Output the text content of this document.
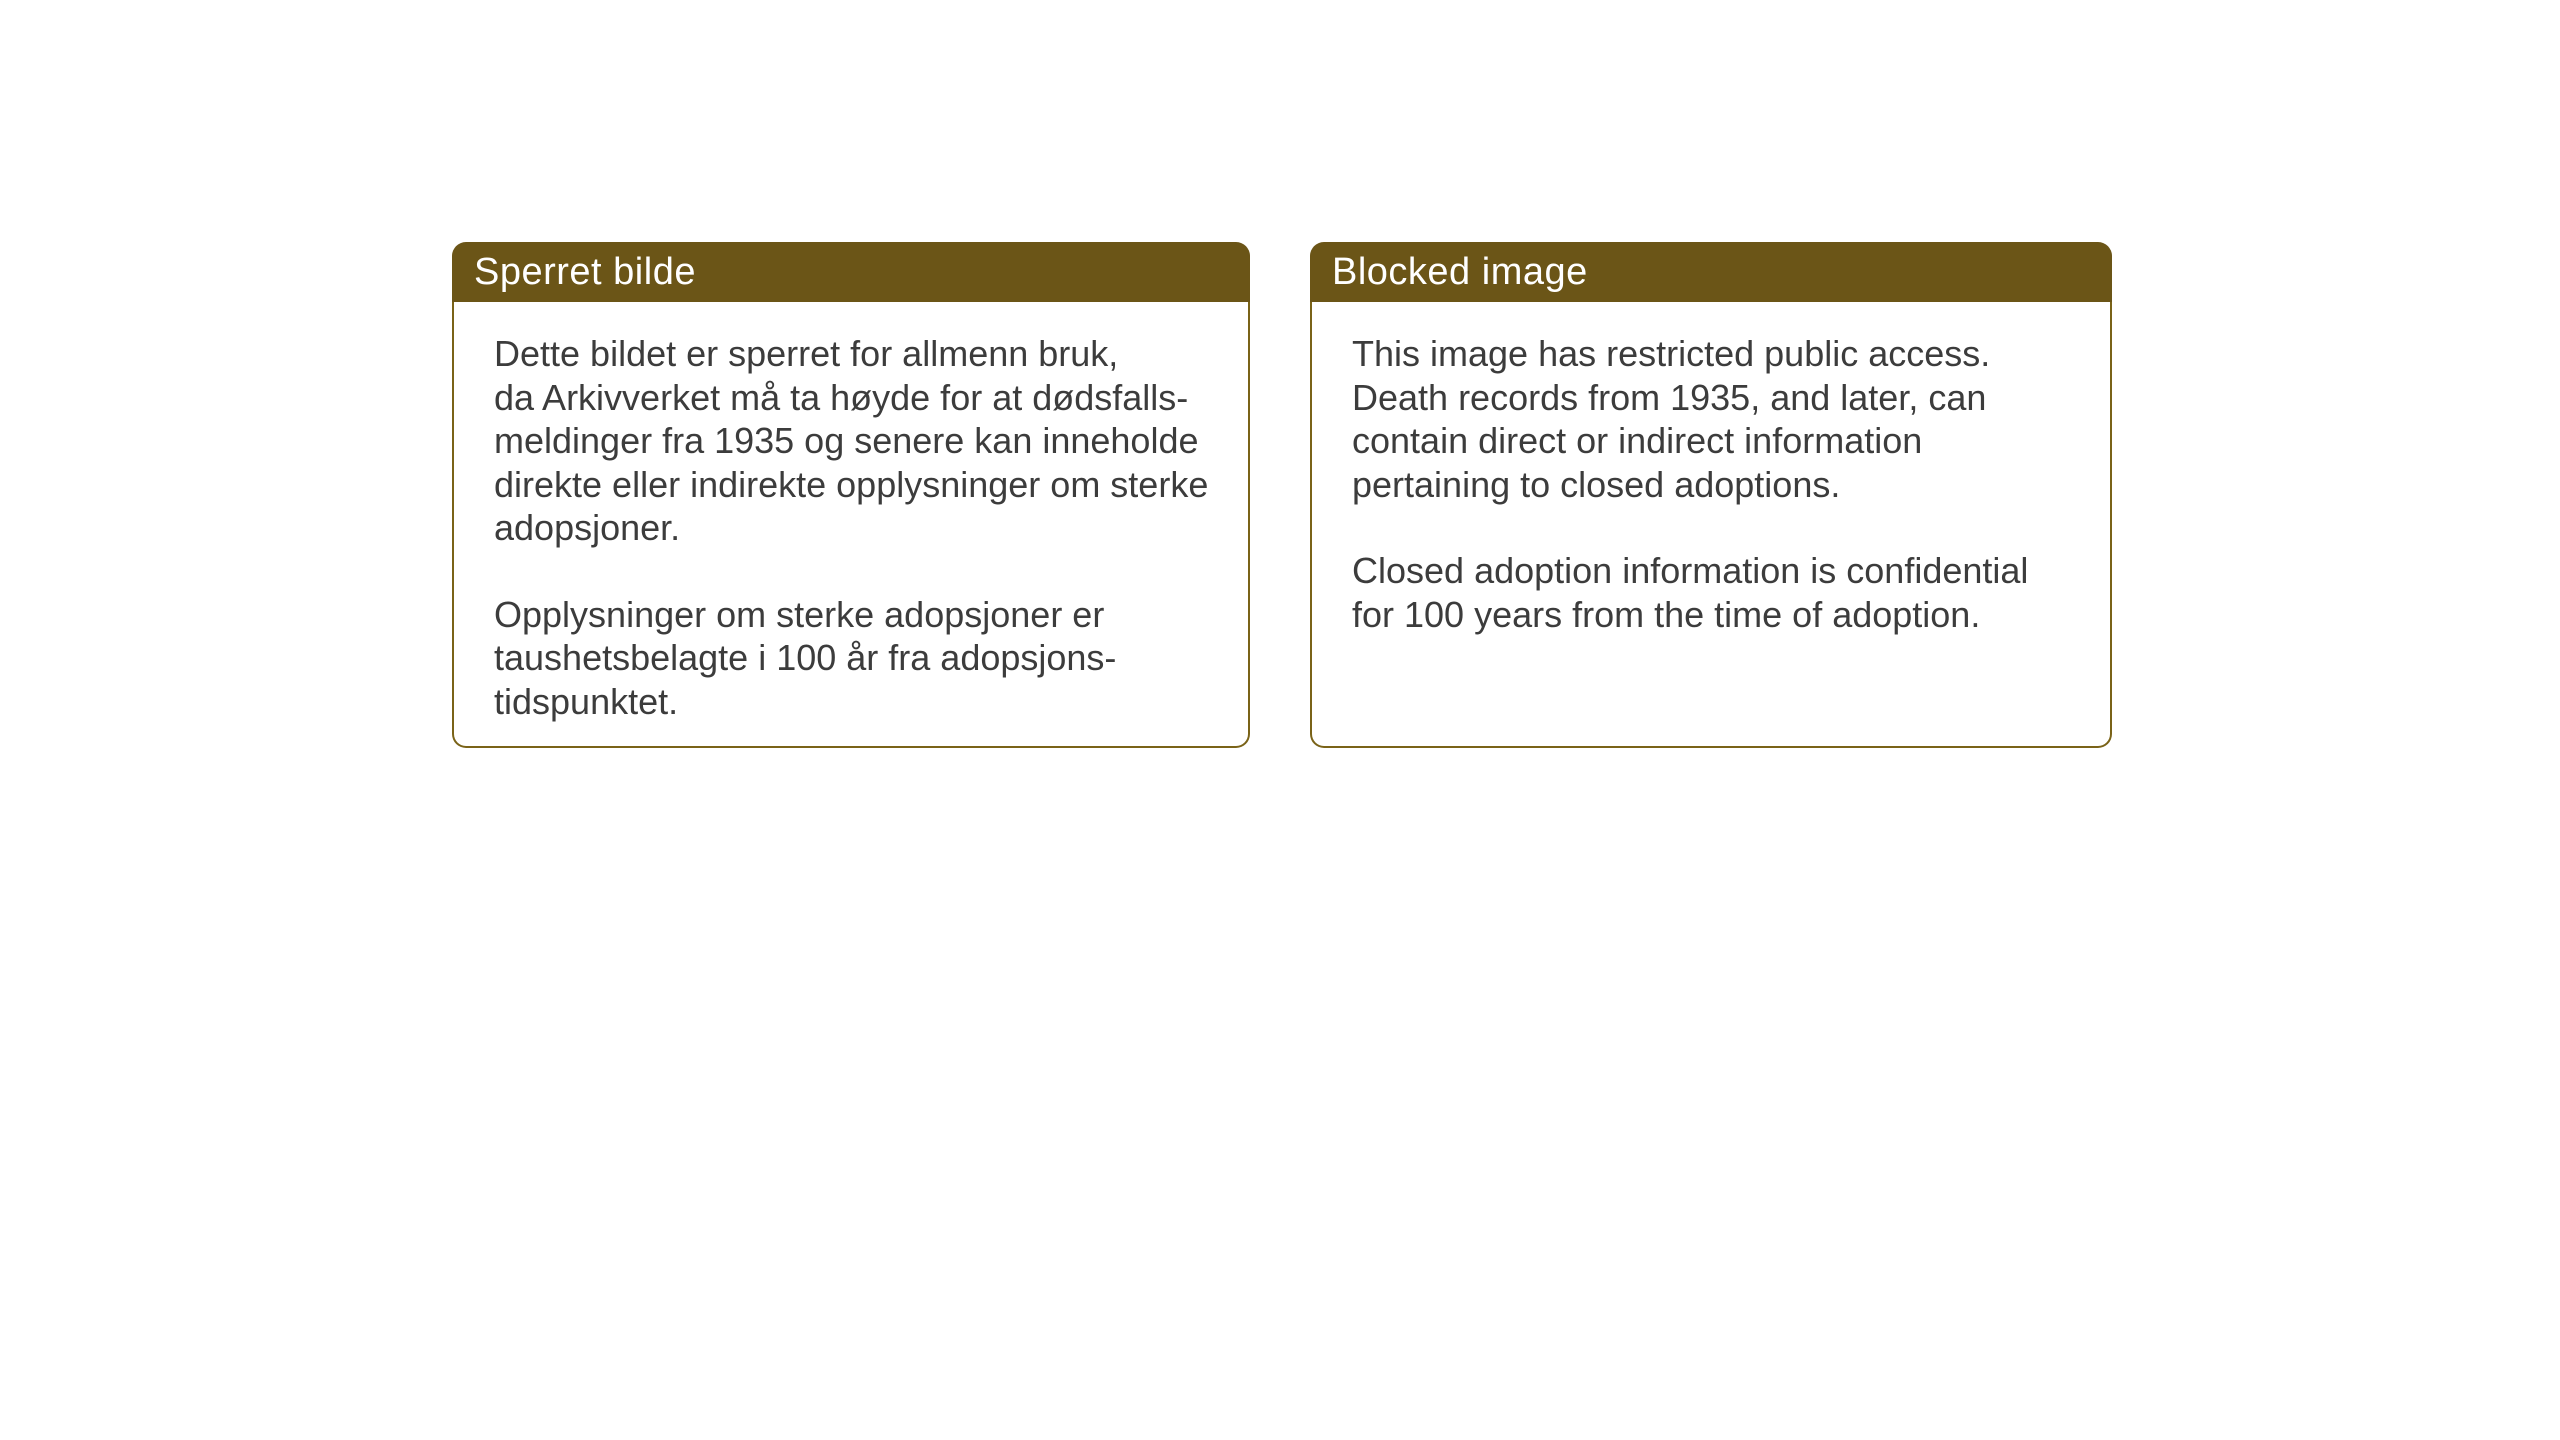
Sperret bilde

Dette bildet er sperret for allmenn bruk,
da Arkivverket må ta høyde for at dødsfalls-
meldinger fra 1935 og senere kan inneholde
direkte eller indirekte opplysninger om sterke
adopsjoner.

Opplysninger om sterke adopsjoner er
taushetsbelagte i 100 år fra adopsjons-
tidspunktet.

Blocked image

This image has restricted public access.
Death records from 1935, and later, can
contain direct or indirect information
pertaining to closed adoptions.

Closed adoption information is confidential
for 100 years from the time of adoption.
